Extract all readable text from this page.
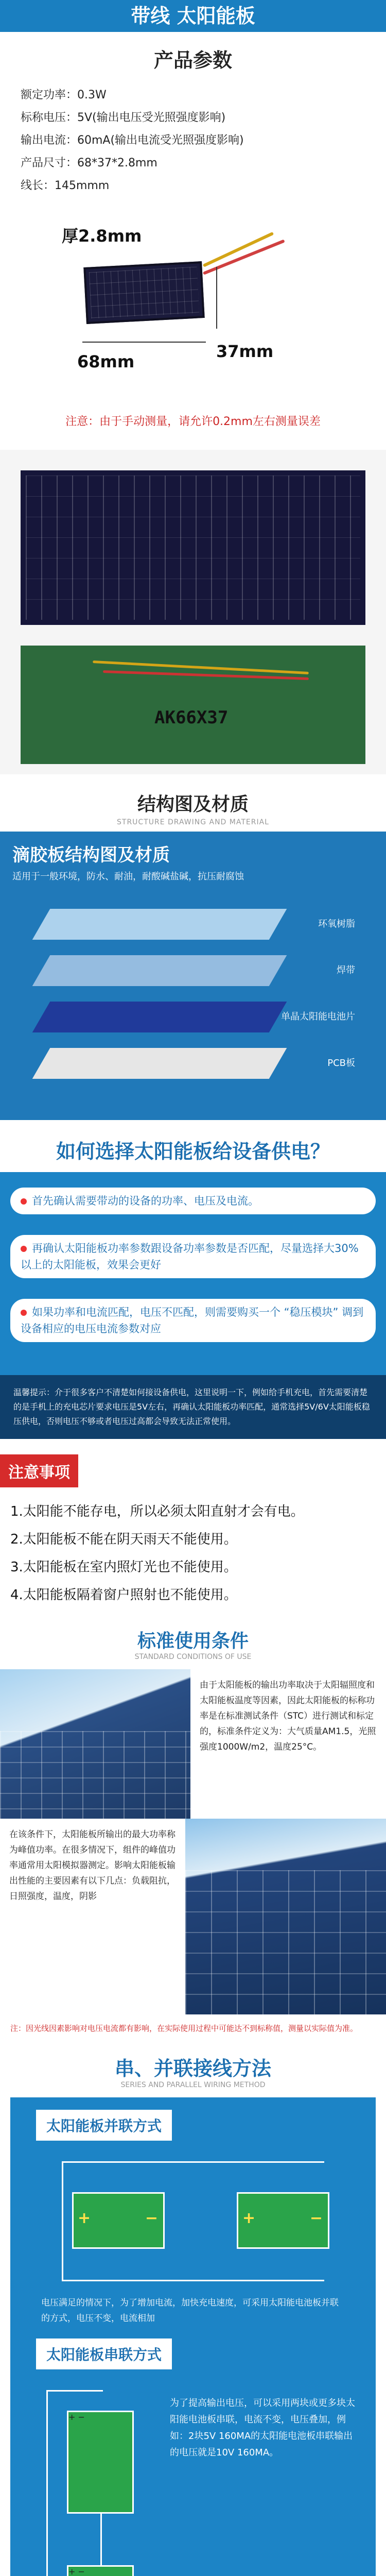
带线 太阳能板
产品参数
额定功率：0.3W
标称电压：5V(输出电压受光照强度影响)
输出电流：60mA(输出电流受光照强度影响)
产品尺寸：68*37*2.8mm
线长：145mmm
厚2.8mm
68mm
37mm
注意：由于手动测量，请允许0.2mm左右测量误差
AK66X37
结构图及材质
STRUCTURE DRAWING AND MATERIAL
滴胶板结构图及材质
适用于一般环境，防水、耐油，耐酸碱盐碱，抗压耐腐蚀
环氧树脂
焊带
单晶太阳能电池片
PCB板
如何选择太阳能板给设备供电？
首先确认需要带动的设备的功率、电压及电流。
再确认太阳能板功率参数跟设备功率参数是否匹配，尽量选择大30%以上的太阳能板，效果会更好
如果功率和电流匹配，电压不匹配，则需要购买一个 “稳压模块” 调到设备相应的电压电流参数对应
温馨提示：介于很多客户不清楚如何接设备供电，这里说明一下，例如给手机充电，首先需要清楚的是手机上的充电芯片要求电压是5V左右，再确认太阳能板功率匹配，通常选择5V/6V太阳能板稳压供电，否则电压不够或者电压过高都会导致无法正常使用。
注意事项
1.太阳能不能存电，所以必须太阳直射才会有电。
2.太阳能板不能在阴天雨天不能使用。
3.太阳能板在室内照灯光也不能使用。
4.太阳能板隔着窗户照射也不能使用。
标准使用条件
STANDARD CONDITIONS OF USE
由于太阳能板的输出功率取决于太阳辐照度和太阳能板温度等因素，因此太阳能板的标称功率是在标准测试条件（STC）进行测试和标定的，标准条件定义为：大气质量AM1.5，光照强度1000W/m2，温度25°C。
在该条件下，太阳能板所输出的最大功率称为峰值功率。在很多情况下，组件的峰值功率通常用太阳模拟器测定。影响太阳能板输出性能的主要因素有以下几点：负载阻抗，日照强度，温度，阴影
注：因光线因素影响对电压电流都有影响，在实际使用过程中可能达不到标称值，测量以实际值为准。
串、并联接线方法
SERIES AND PARALLEL WIRING METHOD
太阳能板并联方式
+	−	+	−
电压满足的情况下，为了增加电流，加快充电速度，可采用太阳能电池板并联的方式，电压不变，电流相加
太阳能板串联方式
+ −
+ −
为了提高输出电压，可以采用两块或更多块太阳能电池板串联，电流不变，电压叠加，例如：2块5V 160MA的太阳能电池板串联输出的电压就是10V 160MA。
